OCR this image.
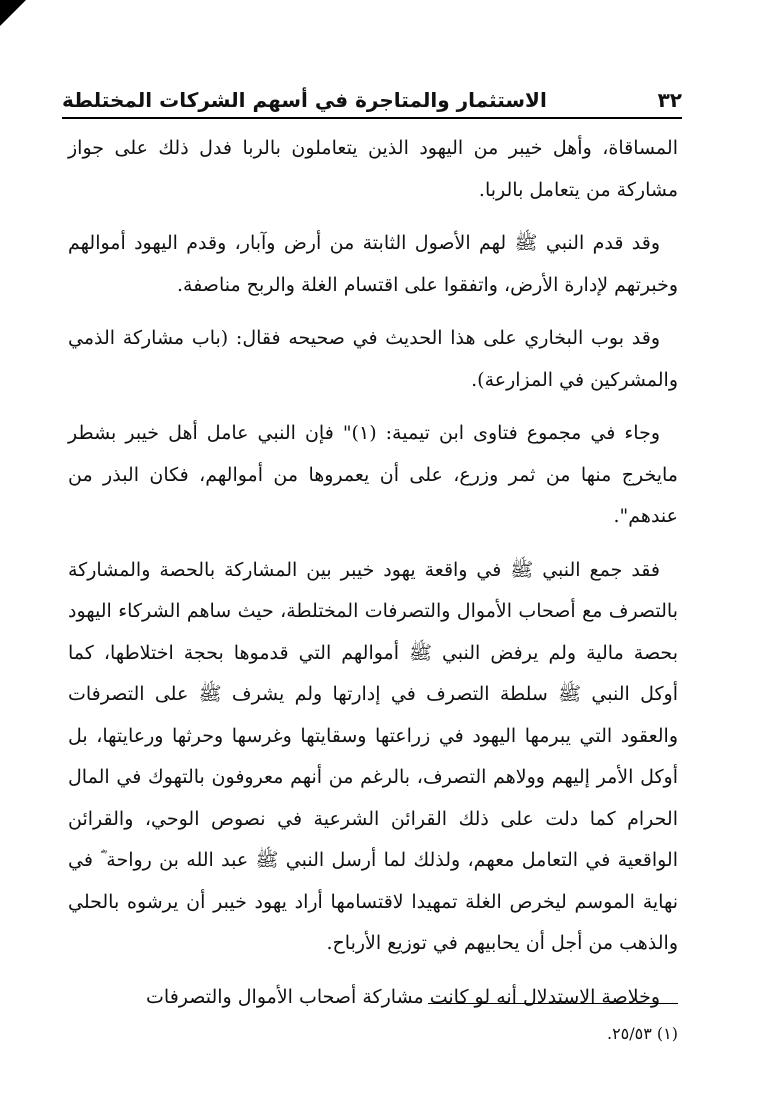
٣٢
الاستثمار والمتاجرة في أسهم الشركات المختلطة

المساقاة، وأهل خيبر من اليهود الذين يتعاملون بالربا فدل ذلك على جواز مشاركة من يتعامل بالربا.

وقد قدم النبي ﷺ لهم الأصول الثابتة من أرض وآبار، وقدم اليهود أموالهم وخبرتهم لإدارة الأرض، واتفقوا على اقتسام الغلة والربح مناصفة.

وقد بوب البخاري على هذا الحديث في صحيحه فقال: (باب مشاركة الذمي والمشركين في المزارعة).

وجاء في مجموع فتاوى ابن تيمية: (١)" فإن النبي عامل أهل خيبر بشطر مايخرج منها من ثمر وزرع، على أن يعمروها من أموالهم، فكان البذر من عندهم".

فقد جمع النبي ﷺ في واقعة يهود خيبر بين المشاركة بالحصة والمشاركة بالتصرف مع أصحاب الأموال والتصرفات المختلطة، حيث ساهم الشركاء اليهود بحصة مالية ولم يرفض النبي ﷺ أموالهم التي قدموها بحجة اختلاطها، كما أوكل النبي ﷺ سلطة التصرف في إدارتها ولم يشرف ﷺ على التصرفات والعقود التي يبرمها اليهود في زراعتها وسقايتها وغرسها وحرثها ورعايتها، بل أوكل الأمر إليهم وولاهم التصرف، بالرغم من أنهم معروفون بالتهوك في المال الحرام كما دلت على ذلك القرائن الشرعية في نصوص الوحي، والقرائن الواقعية في التعامل معهم، ولذلك لما أرسل النبي ﷺ عبد الله بن رواحة ؓ في نهاية الموسم ليخرص الغلة تمهيدا لاقتسامها أراد يهود خيبر أن يرشوه بالحلي والذهب من أجل أن يحابيهم في توزيع الأرباح.

وخلاصة الاستدلال أنه لو كانت مشاركة أصحاب الأموال والتصرفات

(١) ٢٥/٥٣.
